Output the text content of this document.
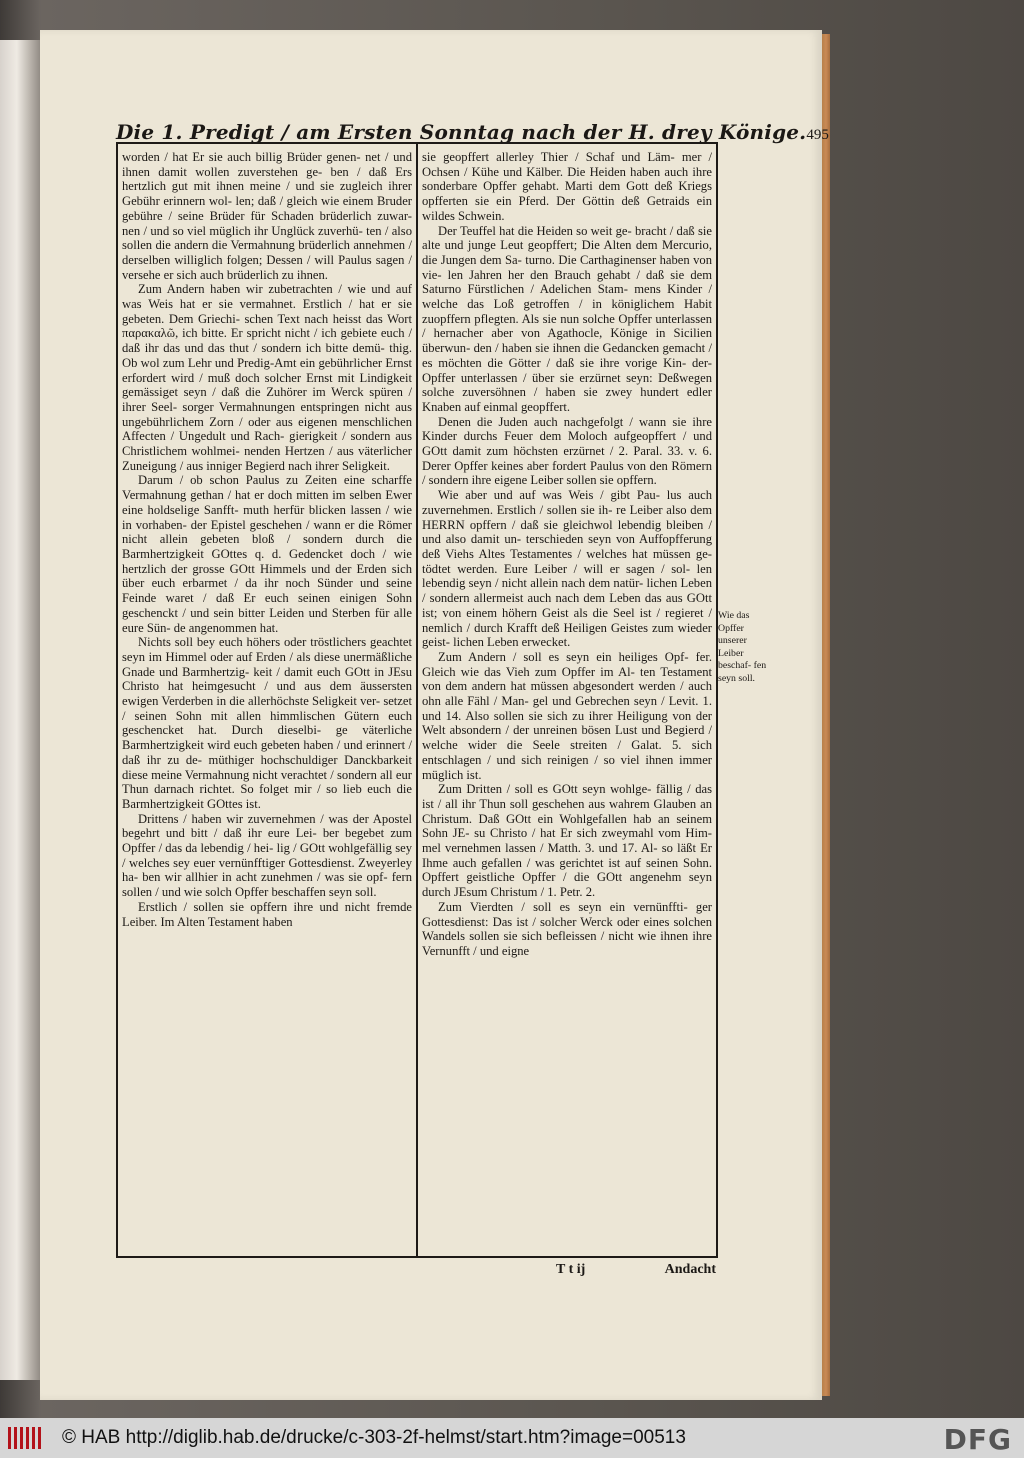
Die 1. Predigt / am Ersten Sonntag nach der H. drey Könige. 495

worden / hat Er sie auch billig Brüder genen- net / und ihnen damit wollen zuverstehen ge- ben / daß Ers hertzlich gut mit ihnen meine / und sie zugleich ihrer Gebühr erinnern wol- len; daß / gleich wie einem Bruder gebühre / seine Brüder für Schaden brüderlich zuwar- nen / und so viel müglich ihr Unglück zuverhü- ten / also sollen die andern die Vermahnung brüderlich annehmen / derselben williglich folgen; Dessen / will Paulus sagen / versehe er sich auch brüderlich zu ihnen.

Zum Andern haben wir zubetrachten / wie und auf was Weis hat er sie vermahnet. Erstlich / hat er sie gebeten. Dem Griechi- schen Text nach heisst das Wort παρακαλῶ, ich bitte. Er spricht nicht / ich gebiete euch / daß ihr das und das thut / sondern ich bitte demü- thig. Ob wol zum Lehr und Predig-Amt ein gebührlicher Ernst erfordert wird / muß doch solcher Ernst mit Lindigkeit gemässiget seyn / daß die Zuhörer im Werck spüren / ihrer Seel- sorger Vermahnungen entspringen nicht aus ungebührlichem Zorn / oder aus eigenen menschlichen Affecten / Ungedult und Rach- gierigkeit / sondern aus Christlichem wohlmei- nenden Hertzen / aus väterlicher Zuneigung / aus inniger Begierd nach ihrer Seligkeit.

Darum / ob schon Paulus zu Zeiten eine scharffe Vermahnung gethan / hat er doch mitten im selben Ewer eine holdselige Sanfft- muth herfür blicken lassen / wie in vorhaben- der Epistel geschehen / wann er die Römer nicht allein gebeten bloß / sondern durch die Barmhertzigkeit GOttes q. d. Gedencket doch / wie hertzlich der grosse GOtt Himmels und der Erden sich über euch erbarmet / da ihr noch Sünder und seine Feinde waret / daß Er euch seinen einigen Sohn geschenckt / und sein bitter Leiden und Sterben für alle eure Sün- de angenommen hat.

Nichts soll bey euch höhers oder tröstlichers geachtet seyn im Himmel oder auf Erden / als diese unermäßliche Gnade und Barmhertzig- keit / damit euch GOtt in JEsu Christo hat heimgesucht / und aus dem äussersten ewigen Verderben in die allerhöchste Seligkeit ver- setzet / seinen Sohn mit allen himmlischen Gütern euch geschencket hat. Durch dieselbi- ge väterliche Barmhertzigkeit wird euch gebeten haben / und erinnert / daß ihr zu de- müthiger hochschuldiger Danckbarkeit diese meine Vermahnung nicht verachtet / sondern all eur Thun darnach richtet. So folget mir / so lieb euch die Barmhertzigkeit GOttes ist.

Drittens / haben wir zuvernehmen / was der Apostel begehrt und bitt / daß ihr eure Lei- ber begebet zum Opffer / das da lebendig / hei- lig / GOtt wohlgefällig sey / welches sey euer vernünfftiger Gottesdienst. Zweyerley ha- ben wir allhier in acht zunehmen / was sie opf- fern sollen / und wie solch Opffer beschaffen seyn soll.

Erstlich / sollen sie opffern ihre und nicht fremde Leiber. Im Alten Testament haben

sie geopffert allerley Thier / Schaf und Läm- mer / Ochsen / Kühe und Kälber. Die Heiden haben auch ihre sonderbare Opffer gehabt. Marti dem Gott deß Kriegs opfferten sie ein Pferd. Der Göttin deß Getraids ein wildes Schwein.

Der Teuffel hat die Heiden so weit ge- bracht / daß sie alte und junge Leut geopffert; Die Alten dem Mercurio, die Jungen dem Sa- turno. Die Carthaginenser haben von vie- len Jahren her den Brauch gehabt / daß sie dem Saturno Fürstlichen / Adelichen Stam- mens Kinder / welche das Loß getroffen / in königlichem Habit zuopffern pflegten. Als sie nun solche Opffer unterlassen / hernacher aber von Agathocle, Könige in Sicilien überwun- den / haben sie ihnen die Gedancken gemacht / es möchten die Götter / daß sie ihre vorige Kin- der-Opffer unterlassen / über sie erzürnet seyn: Deßwegen solche zuversöhnen / haben sie zwey hundert edler Knaben auf einmal geopffert.

Denen die Juden auch nachgefolgt / wann sie ihre Kinder durchs Feuer dem Moloch aufgeopffert / und GOtt damit zum höchsten erzürnet / 2. Paral. 33. v. 6. Derer Opffer keines aber fordert Paulus von den Römern / sondern ihre eigene Leiber sollen sie opffern.

Wie aber und auf was Weis / gibt Pau- lus auch zuvernehmen. Erstlich / sollen sie ih- re Leiber also dem HERRN opffern / daß sie gleichwol lebendig bleiben / und also damit un- terschieden seyn von Auffopfferung deß Viehs Altes Testamentes / welches hat müssen ge- tödtet werden. Eure Leiber / will er sagen / sol- len lebendig seyn / nicht allein nach dem natür- lichen Leben / sondern allermeist auch nach dem Leben das aus GOtt ist; von einem höhern Geist als die Seel ist / regieret / nemlich / durch Krafft deß Heiligen Geistes zum wieder geist- lichen Leben erwecket.

Zum Andern / soll es seyn ein heiliges Opf- fer. Gleich wie das Vieh zum Opffer im Al- ten Testament von dem andern hat müssen abgesondert werden / auch ohn alle Fähl / Man- gel und Gebrechen seyn / Levit. 1. und 14. Also sollen sie sich zu ihrer Heiligung von der Welt absondern / der unreinen bösen Lust und Begierd / welche wider die Seele streiten / Galat. 5. sich entschlagen / und sich reinigen / so viel ihnen immer müglich ist.

Zum Dritten / soll es GOtt seyn wohlge- fällig / das ist / all ihr Thun soll geschehen aus wahrem Glauben an Christum. Daß GOtt ein Wohlgefallen hab an seinem Sohn JE- su Christo / hat Er sich zweymahl vom Him- mel vernehmen lassen / Matth. 3. und 17. Al- so läßt Er Ihme auch gefallen / was gerichtet ist auf seinen Sohn. Opffert geistliche Opffer / die GOtt angenehm seyn durch JEsum Christum / 1. Petr. 2.

Zum Vierdten / soll es seyn ein vernünffti- ger Gottesdienst: Das ist / solcher Werck oder eines solchen Wandels sollen sie sich befleissen / nicht wie ihnen ihre Vernunfft / und eigne

Wie das Opffer unserer Leiber beschaf- fen seyn soll.
T t ij	Andacht
© HAB http://diglib.hab.de/drucke/c-303-2f-helmst/start.htm?image=00513	DFG
